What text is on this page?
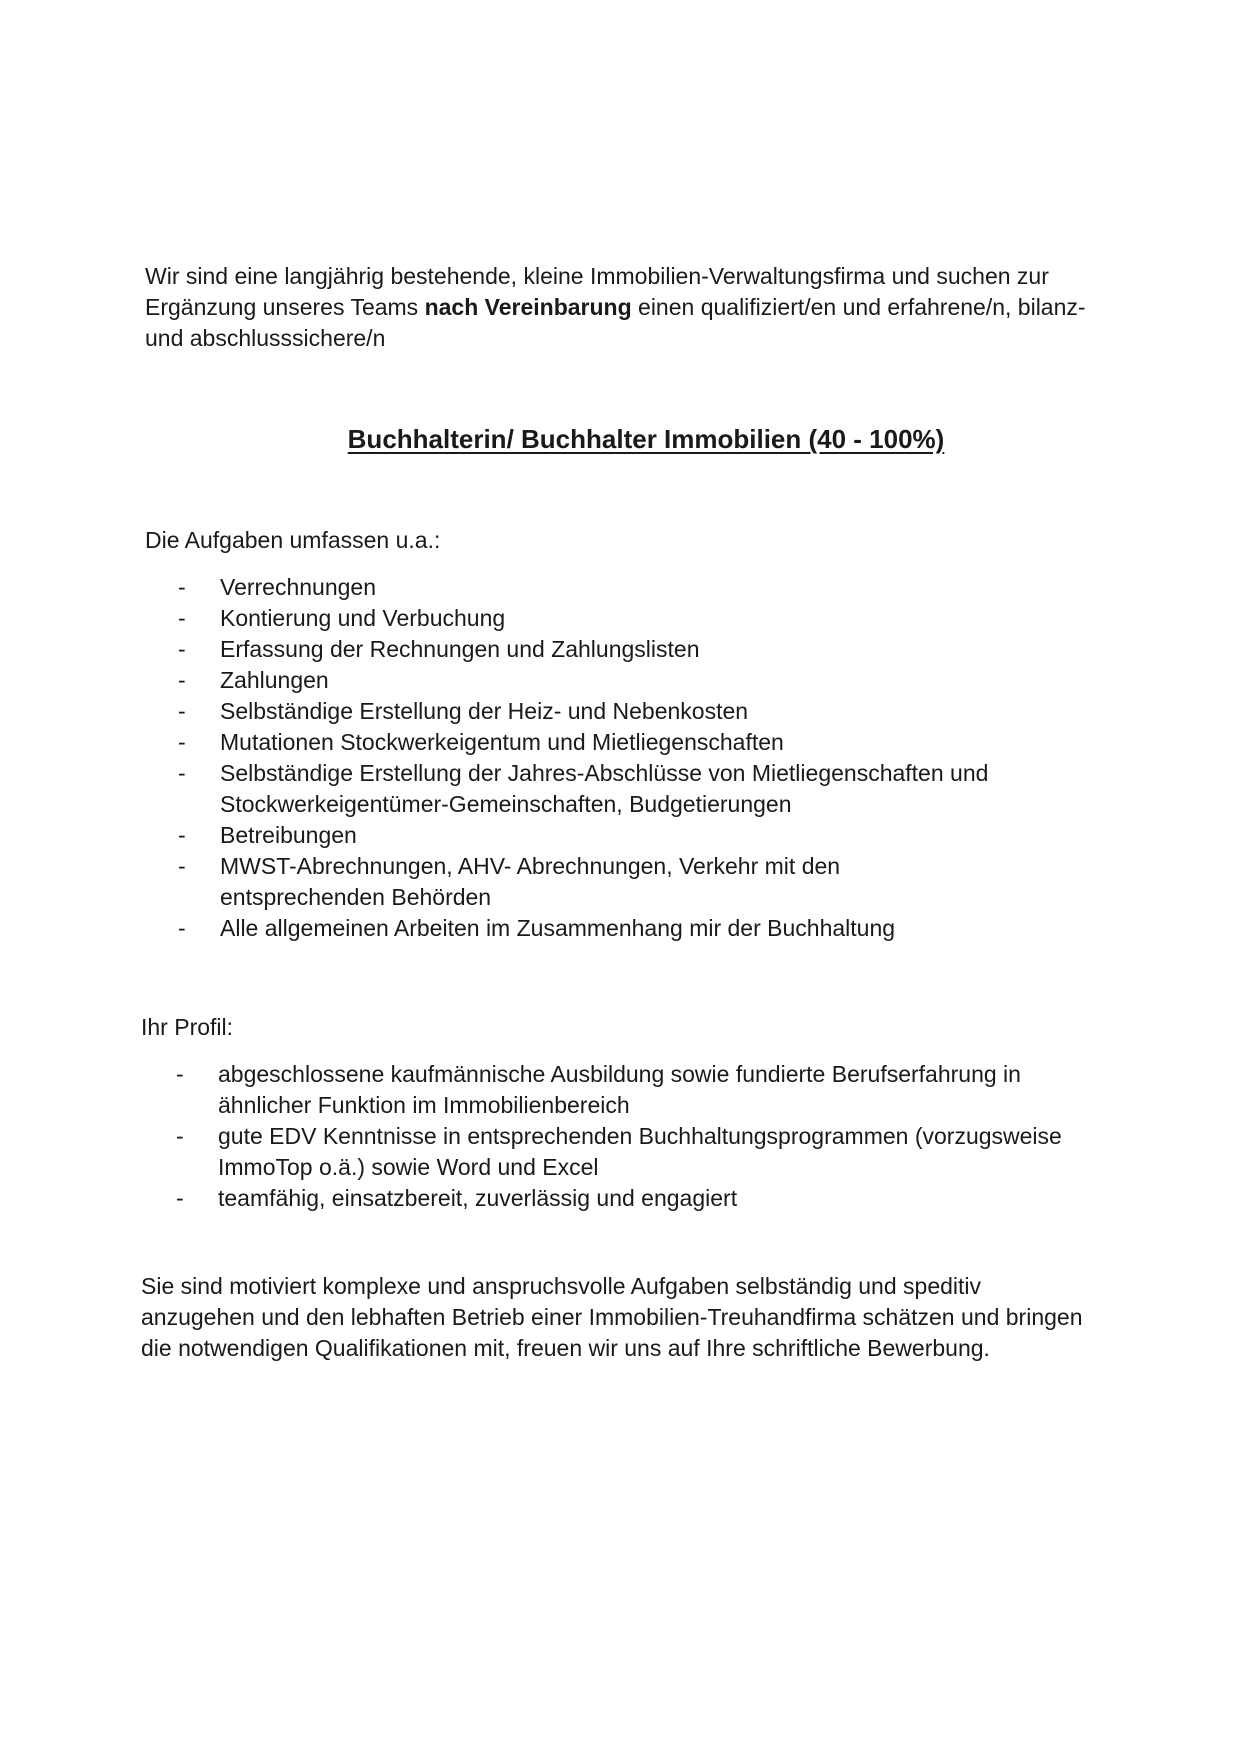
Wir sind eine langjährig bestehende, kleine Immobilien-Verwaltungsfirma und suchen zur Ergänzung unseres Teams nach Vereinbarung einen qualifiziert/en und erfahrene/n, bilanz- und abschlusssichere/n

Buchhalterin/ Buchhalter Immobilien (40 - 100%)

Die Aufgaben umfassen u.a.:

- Verrechnungen
- Kontierung und Verbuchung
- Erfassung der Rechnungen und Zahlungslisten
- Zahlungen
- Selbständige Erstellung der Heiz- und Nebenkosten
- Mutationen Stockwerkeigentum und Mietliegenschaften
- Selbständige Erstellung der Jahres-Abschlüsse von Mietliegenschaften und Stockwerkeigentümer-Gemeinschaften, Budgetierungen
- Betreibungen
- MWST-Abrechnungen, AHV- Abrechnungen, Verkehr mit den entsprechenden Behörden
- Alle allgemeinen Arbeiten im Zusammenhang mir der Buchhaltung

Ihr Profil:

- abgeschlossene kaufmännische Ausbildung sowie fundierte Berufserfahrung in ähnlicher Funktion im Immobilienbereich
- gute EDV Kenntnisse in entsprechenden Buchhaltungsprogrammen (vorzugsweise ImmoTop o.ä.) sowie Word und Excel
- teamfähig, einsatzbereit, zuverlässig und engagiert

Sie sind motiviert komplexe und anspruchsvolle Aufgaben selbständig und speditiv anzugehen und den lebhaften Betrieb einer Immobilien-Treuhandfirma schätzen und bringen die notwendigen Qualifikationen mit, freuen wir uns auf Ihre schriftliche Bewerbung.
